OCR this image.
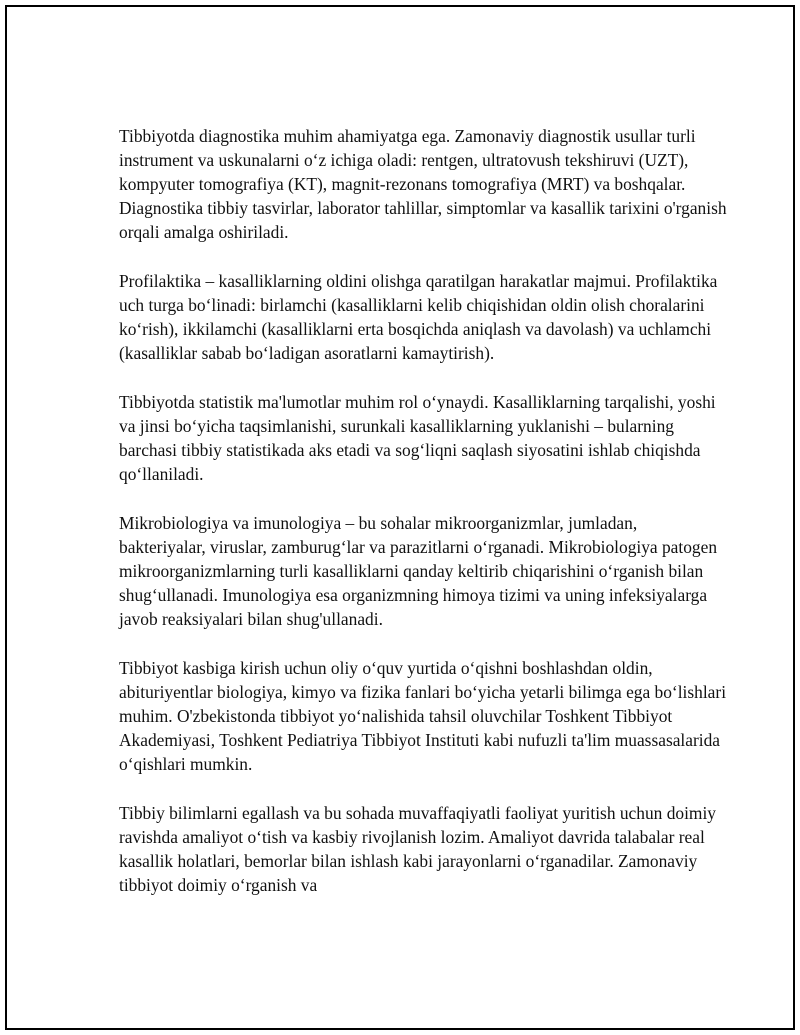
Tibbiyotda diagnostika muhim ahamiyatga ega. Zamonaviy diagnostik usullar turli instrument va uskunalarni o‘z ichiga oladi: rentgen, ultratovush tekshiruvi (UZT), kompyuter tomografiya (KT), magnit-rezonans tomografiya (MRT) va boshqalar. Diagnostika tibbiy tasvirlar, laborator tahlillar, simptomlar va kasallik tarixini o'rganish orqali amalga oshiriladi.

Profilaktika – kasalliklarning oldini olishga qaratilgan harakatlar majmui. Profilaktika uch turga bo‘linadi: birlamchi (kasalliklarni kelib chiqishidan oldin olish choralarini ko‘rish), ikkilamchi (kasalliklarni erta bosqichda aniqlash va davolash) va uchlamchi (kasalliklar sabab bo‘ladigan asoratlarni kamaytirish).

Tibbiyotda statistik ma'lumotlar muhim rol o‘ynaydi. Kasalliklarning tarqalishi, yoshi va jinsi bo‘yicha taqsimlanishi, surunkali kasalliklarning yuklanishi – bularning barchasi tibbiy statistikada aks etadi va sog‘liqni saqlash siyosatini ishlab chiqishda qo‘llaniladi.

Mikrobiologiya va imunologiya – bu sohalar mikroorganizmlar, jumladan, bakteriyalar, viruslar, zamburug‘lar va parazitlarni o‘rganadi. Mikrobiologiya patogen mikroorganizmlarning turli kasalliklarni qanday keltirib chiqarishini o‘rganish bilan shug‘ullanadi. Imunologiya esa organizmning himoya tizimi va uning infeksiyalarga javob reaksiyalari bilan shug'ullanadi.

Tibbiyot kasbiga kirish uchun oliy o‘quv yurtida o‘qishni boshlashdan oldin, abituriyentlar biologiya, kimyo va fizika fanlari bo‘yicha yetarli bilimga ega bo‘lishlari muhim. O'zbekistonda tibbiyot yo‘nalishida tahsil oluvchilar Toshkent Tibbiyot Akademiyasi, Toshkent Pediatriya Tibbiyot Instituti kabi nufuzli ta'lim muassasalarida o‘qishlari mumkin.

Tibbiy bilimlarni egallash va bu sohada muvaffaqiyatli faoliyat yuritish uchun doimiy ravishda amaliyot o‘tish va kasbiy rivojlanish lozim. Amaliyot davrida talabalar real kasallik holatlari, bemorlar bilan ishlash kabi jarayonlarni o‘rganadilar. Zamonaviy tibbiyot doimiy o‘rganish va
